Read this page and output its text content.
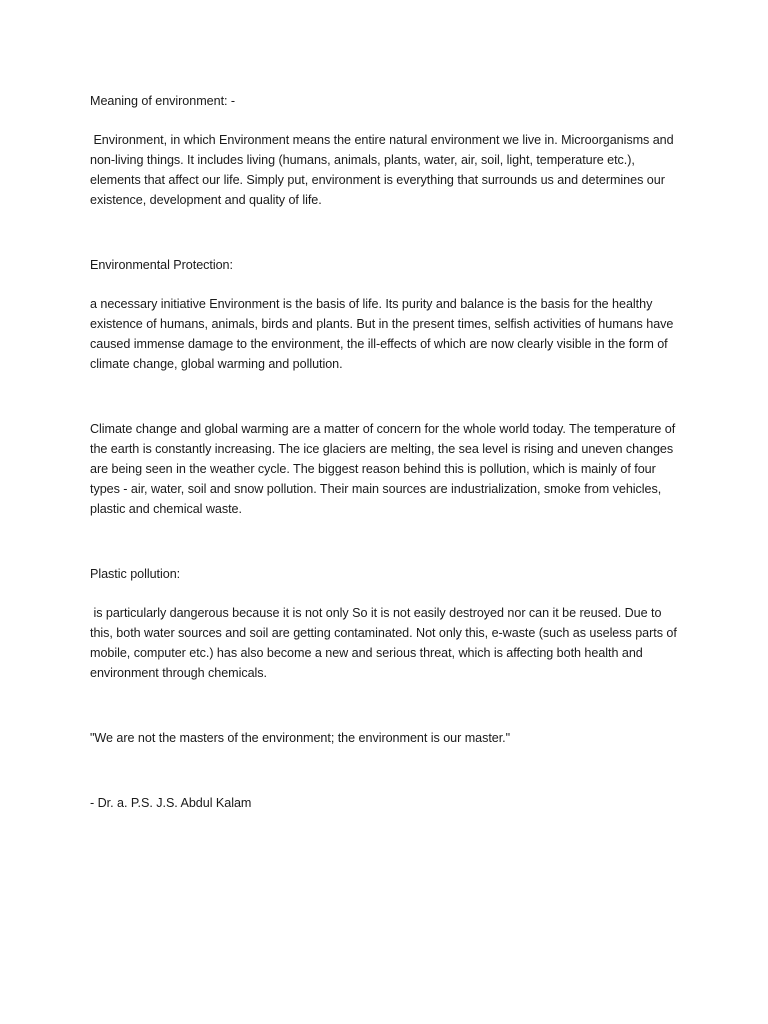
Meaning of environment: -

Environment, in which Environment means the entire natural environment we live in. Microorganisms and non-living things. It includes living (humans, animals, plants, water, air, soil, light, temperature etc.), elements that affect our life. Simply put, environment is everything that surrounds us and determines our existence, development and quality of life.

Environmental Protection:

a necessary initiative Environment is the basis of life. Its purity and balance is the basis for the healthy existence of humans, animals, birds and plants. But in the present times, selfish activities of humans have caused immense damage to the environment, the ill-effects of which are now clearly visible in the form of climate change, global warming and pollution.

Climate change and global warming are a matter of concern for the whole world today. The temperature of the earth is constantly increasing. The ice glaciers are melting, the sea level is rising and uneven changes are being seen in the weather cycle. The biggest reason behind this is pollution, which is mainly of four types - air, water, soil and snow pollution. Their main sources are industrialization, smoke from vehicles, plastic and chemical waste.

Plastic pollution:

is particularly dangerous because it is not only So it is not easily destroyed nor can it be reused. Due to this, both water sources and soil are getting contaminated. Not only this, e-waste (such as useless parts of mobile, computer etc.) has also become a new and serious threat, which is affecting both health and environment through chemicals.

"We are not the masters of the environment; the environment is our master."

- Dr. a. P.S. J.S. Abdul Kalam
